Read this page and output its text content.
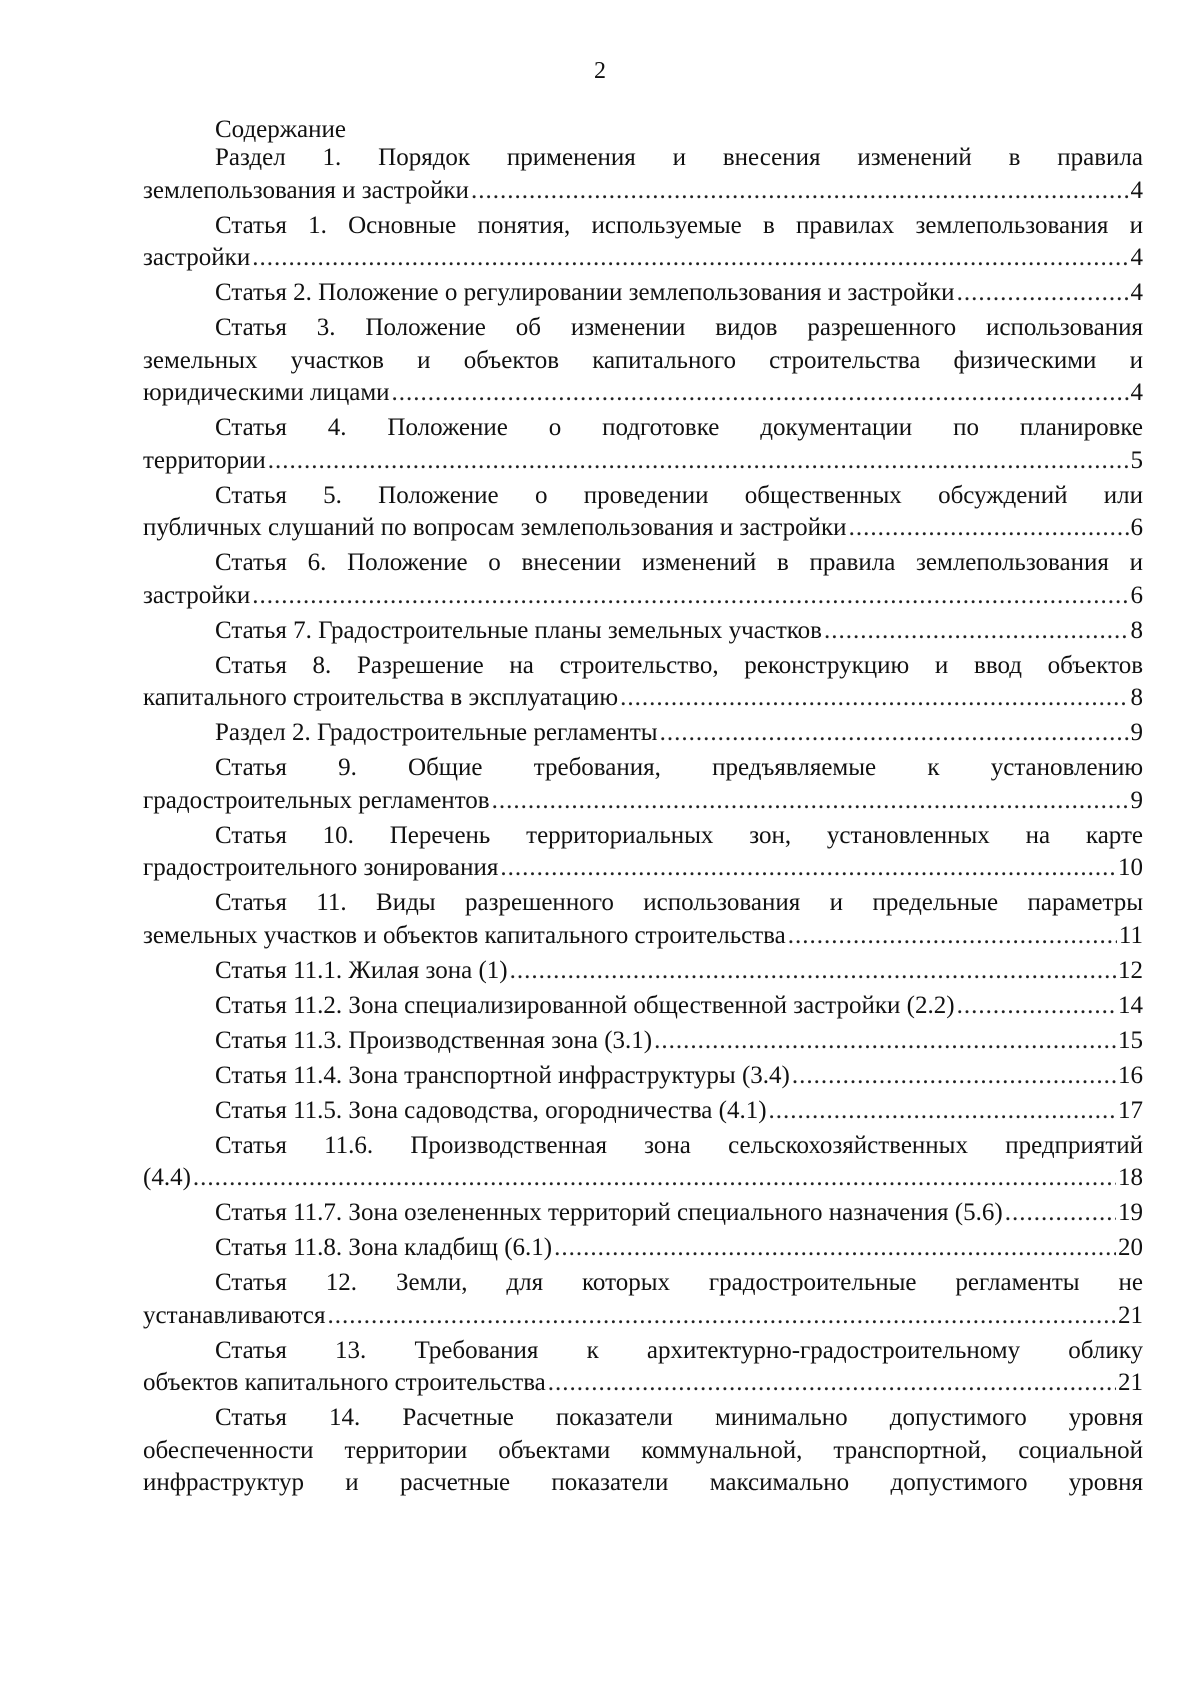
2
Содержание
Раздел 1. Порядок применения и внесения изменений в правила
землепользования и застройки .....	4
Статья 1. Основные понятия, используемые в правилах землепользования и
застройки .....	4
Статья 2. Положение о регулировании землепользования и застройки .....	4
Статья 3. Положение об изменении видов разрешенного использования
земельных участков и объектов капитального строительства физическими и
юридическими лицами .....	4
Статья 4. Положение о подготовке документации по планировке
территории .....	5
Статья 5. Положение о проведении общественных обсуждений или
публичных слушаний по вопросам землепользования и застройки .....	6
Статья 6. Положение о внесении изменений в правила землепользования и
застройки .....	6
Статья 7. Градостроительные планы земельных участков .....	8
Статья 8. Разрешение на строительство, реконструкцию и ввод объектов
капитального строительства в эксплуатацию .....	8
Раздел 2. Градостроительные регламенты .....	9
Статья 9. Общие требования, предъявляемые к установлению
градостроительных регламентов .....	9
Статья 10. Перечень территориальных зон, установленных на карте
градостроительного зонирования .....	10
Статья 11. Виды разрешенного использования и предельные параметры
земельных участков и объектов капитального строительства .....	11
Статья 11.1. Жилая зона (1) .....	12
Статья 11.2. Зона специализированной общественной застройки (2.2) .....	14
Статья 11.3. Производственная зона (3.1) .....	15
Статья 11.4. Зона транспортной инфраструктуры (3.4) .....	16
Статья 11.5. Зона садоводства, огородничества (4.1) .....	17
Статья 11.6. Производственная зона сельскохозяйственных предприятий
(4.4) .....	18
Статья 11.7. Зона озелененных территорий специального назначения (5.6) .....	19
Статья 11.8. Зона кладбищ (6.1) .....	20
Статья 12. Земли, для которых градостроительные регламенты не
устанавливаются .....	21
Статья 13. Требования к архитектурно-градостроительному облику
объектов капитального строительства .....	21
Статья 14. Расчетные показатели минимально допустимого уровня
обеспеченности территории объектами коммунальной, транспортной, социальной
инфраструктур и расчетные показатели максимально допустимого уровня
